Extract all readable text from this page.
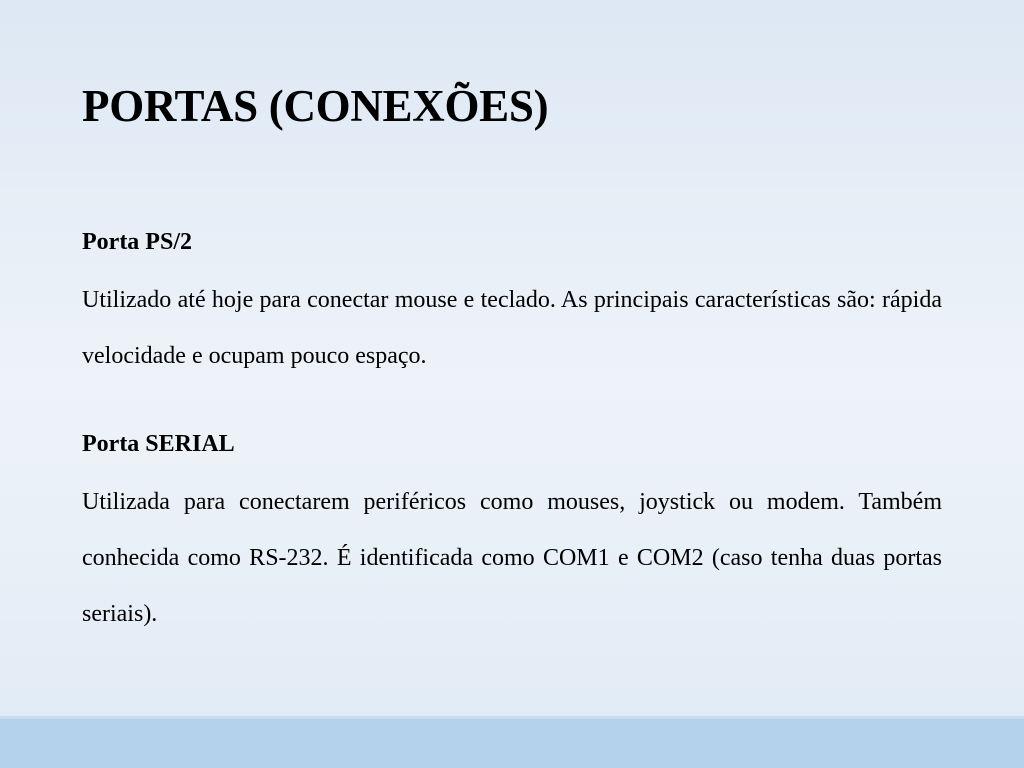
PORTAS (CONEXÕES)
Porta PS/2

Utilizado até hoje para conectar mouse e teclado. As principais características são: rápida velocidade e ocupam pouco espaço.

Porta SERIAL

Utilizada para conectarem periféricos como mouses, joystick ou modem. Também conhecida como RS-232. É identificada como COM1 e COM2 (caso tenha duas portas seriais).
